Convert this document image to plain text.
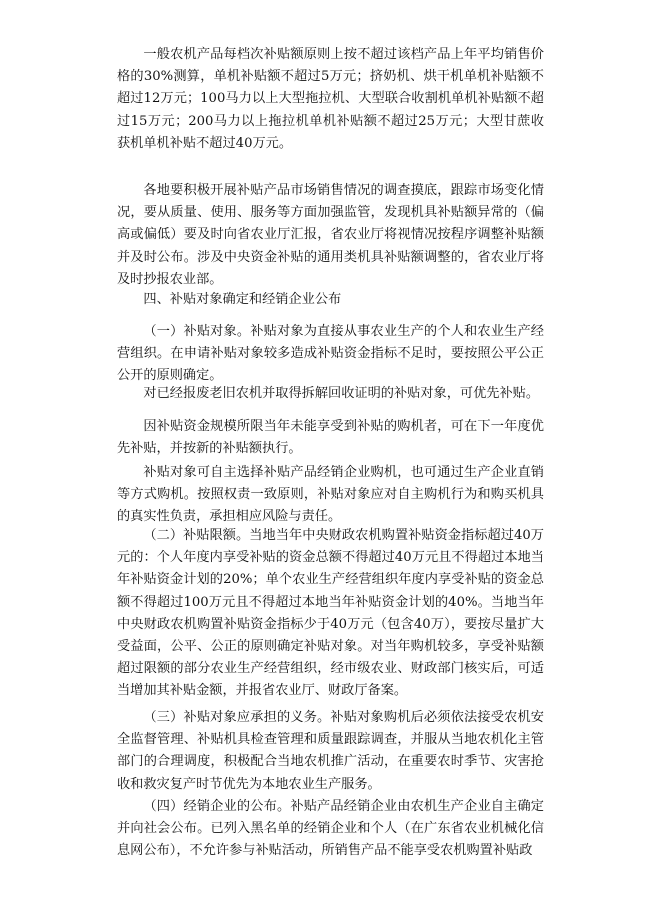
一般农机产品每档次补贴额原则上按不超过该档产品上年平均销售价格的30%测算，单机补贴额不超过5万元；挤奶机、烘干机单机补贴额不超过12万元；100马力以上大型拖拉机、大型联合收割机单机补贴额不超过15万元；200马力以上拖拉机单机补贴额不超过25万元；大型甘蔗收获机单机补贴不超过40万元。

各地要积极开展补贴产品市场销售情况的调查摸底，跟踪市场变化情况，要从质量、使用、服务等方面加强监管，发现机具补贴额异常的（偏高或偏低）要及时向省农业厅汇报，省农业厅将视情况按程序调整补贴额并及时公布。涉及中央资金补贴的通用类机具补贴额调整的，省农业厅将及时抄报农业部。

四、补贴对象确定和经销企业公布

（一）补贴对象。补贴对象为直接从事农业生产的个人和农业生产经营组织。在申请补贴对象较多造成补贴资金指标不足时，要按照公平公正公开的原则确定。

对已经报废老旧农机并取得拆解回收证明的补贴对象，可优先补贴。

因补贴资金规模所限当年未能享受到补贴的购机者，可在下一年度优先补贴，并按新的补贴额执行。

补贴对象可自主选择补贴产品经销企业购机，也可通过生产企业直销等方式购机。按照权责一致原则，补贴对象应对自主购机行为和购买机具的真实性负责，承担相应风险与责任。

（二）补贴限额。当地当年中央财政农机购置补贴资金指标超过40万元的：个人年度内享受补贴的资金总额不得超过40万元且不得超过本地当年补贴资金计划的20%；单个农业生产经营组织年度内享受补贴的资金总额不得超过100万元且不得超过本地当年补贴资金计划的40%。当地当年中央财政农机购置补贴资金指标少于40万元（包含40万），要按尽量扩大受益面，公平、公正的原则确定补贴对象。对当年购机较多，享受补贴额超过限额的部分农业生产经营组织，经市级农业、财政部门核实后，可适当增加其补贴金额，并报省农业厅、财政厅备案。

（三）补贴对象应承担的义务。补贴对象购机后必须依法接受农机安全监督管理、补贴机具检查管理和质量跟踪调查，并服从当地农机化主管部门的合理调度，积极配合当地农机推广活动，在重要农时季节、灾害抢收和救灾复产时节优先为本地农业生产服务。

（四）经销企业的公布。补贴产品经销企业由农机生产企业自主确定并向社会公布。已列入黑名单的经销企业和个人（在广东省农业机械化信息网公布），不允许参与补贴活动，所销售产品不能享受农机购置补贴政
